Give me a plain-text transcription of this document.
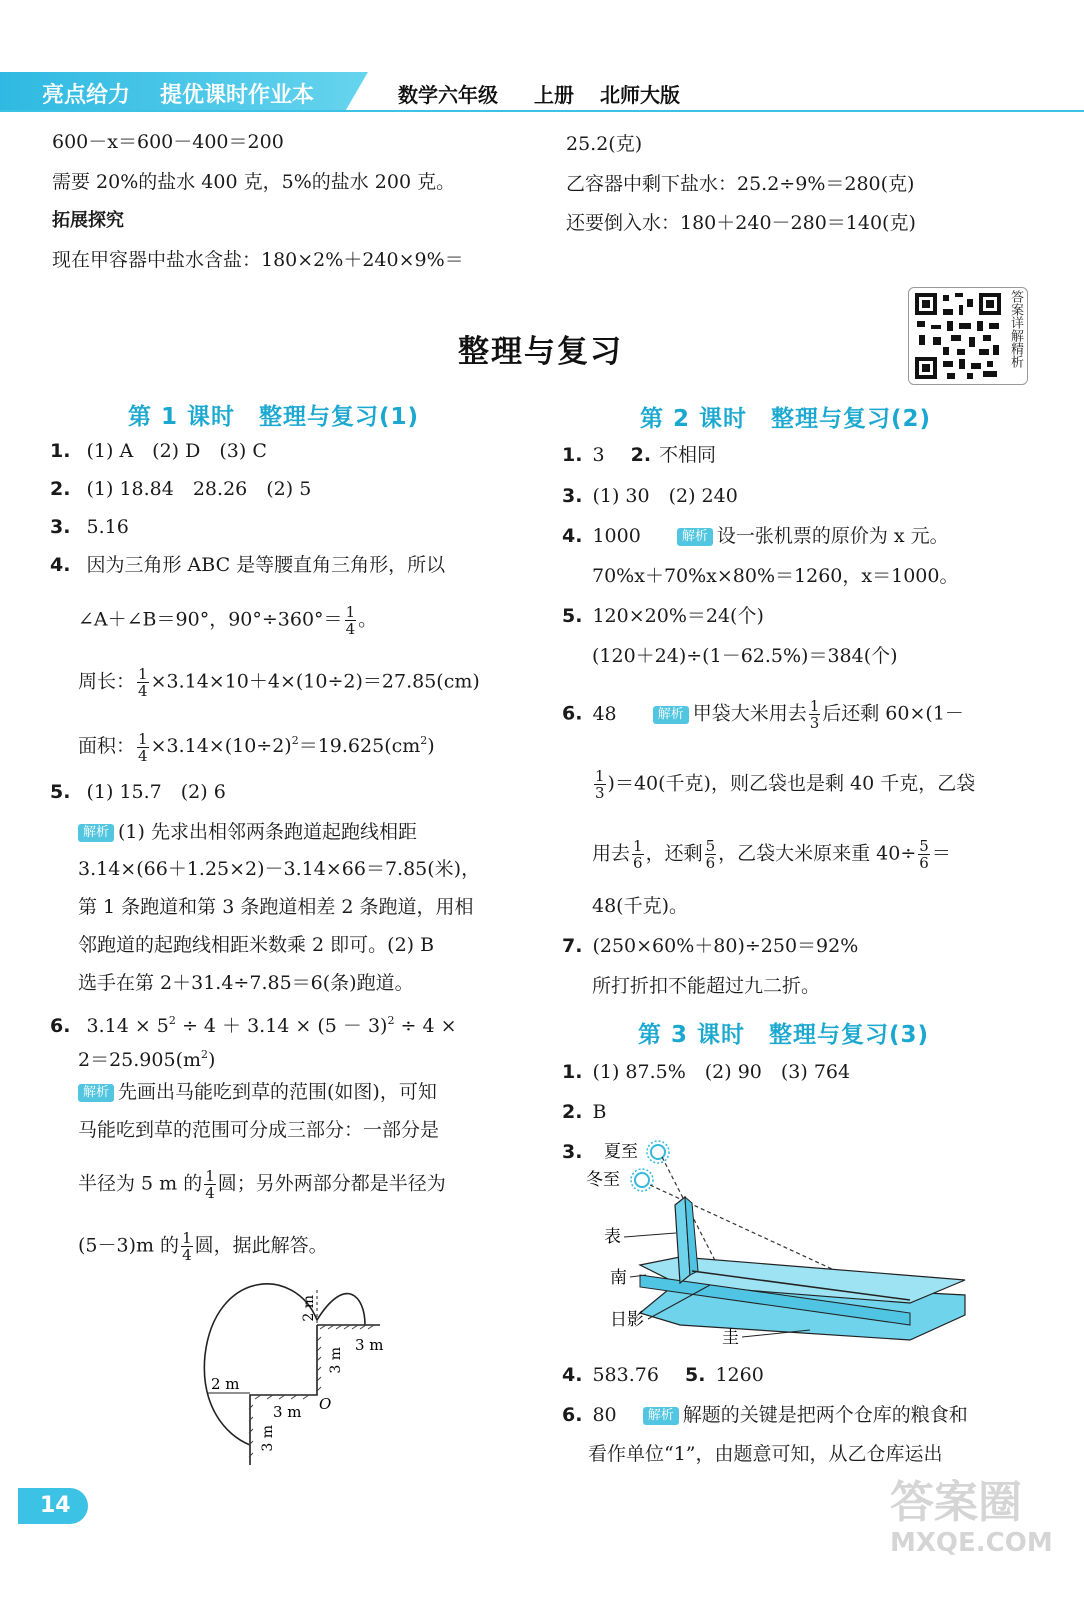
亮点给力 提优课时作业本	数学六年级 上册 北师大版
600－x＝600－400＝200
需要 20%的盐水 400 克，5%的盐水 200 克。
拓展探究
现在甲容器中盐水含盐：180×2%＋240×9%＝
25.2(克)
乙容器中剩下盐水：25.2÷9%＝280(克)
还要倒入水：180＋240－280＝140(克)
答案详解精析
整理与复习
第 1 课时　整理与复习(1)
1. (1) A　(2) D　(3) C
2. (1) 18.84　28.26　(2) 5
3. 5.16
4. 因为三角形 ABC 是等腰直角三角形，所以
∠A＋∠B＝90°，$90^\circ\div 360^\circ= \frac{1}{4}$ 。
周长： $\frac{1}{4} \times 3.14\times 10+4\times(10\div 2)=27.85(cm)$
面积： $\frac{1}{4} \times 3.14\times(10\div 2)^2=19.625(cm^2)$
5. (1) 15.7　(2) 6
解析 (1) 先求出相邻两条跑道起跑线相距
3.14×(66＋1.25×2)－3.14×66＝7.85(米)，
第 1 条跑道和第 3 条跑道相差 2 条跑道，用相
邻跑道的起跑线相距米数乘 2 即可。(2) B
选手在第 2＋31.4÷7.85＝6(条)跑道。
6. $3.14 \times 5^2 \div 4 + 3.14 \times (5 - 3)^2 \div 4$ ×
$2=25.905(m^2)$
解析 先画出马能吃到草的范围(如图)，可知
马能吃到草的范围可分成三部分：一部分是
半径为 5 m 的 $\frac{1}{4}$ 圆；另外两部分都是半径为
(5－3)m 的 $\frac{1}{4}$ 圆，据此解答。
2 m
3 m
3 m
2 m
O
3 m
3 m
第 2 课时　整理与复习(2)
1. 3 2. 不相同
3. (1) 30　(2) 240
4. 1000	解析 设一张机票的原价为 x 元。
70%x＋70%x×80%＝1260，x＝1000。
5. 120×20%＝24(个)
(120＋24)÷(1－62.5%)＝384(个)
6. 48	解析 甲袋大米用去 $\frac{1}{3}$ 后还剩 60×(1－
$\frac{1}{3} )=40$(千克)，则乙袋也是剩 40 千克，乙袋
用去 $\frac{1}{6}$ ，还剩 $\frac{5}{6}$ ，乙袋大米原来重 $40\div \frac{5}{6}$ ＝
48(千克)。
7. (250×60%＋80)÷250＝92%
所打折扣不能超过九二折。
第 3 课时　整理与复习(3)
1. (1) 87.5%　(2) 90　(3) 764
2. B
3. 夏至
冬至
表
南
日影
圭
4. 583.76 5. 1260
6. 80 解析 解题的关键是把两个仓库的粮食和
看作单位“1”，由题意可知，从乙仓库运出
14	答案圈
MXQE.COM
